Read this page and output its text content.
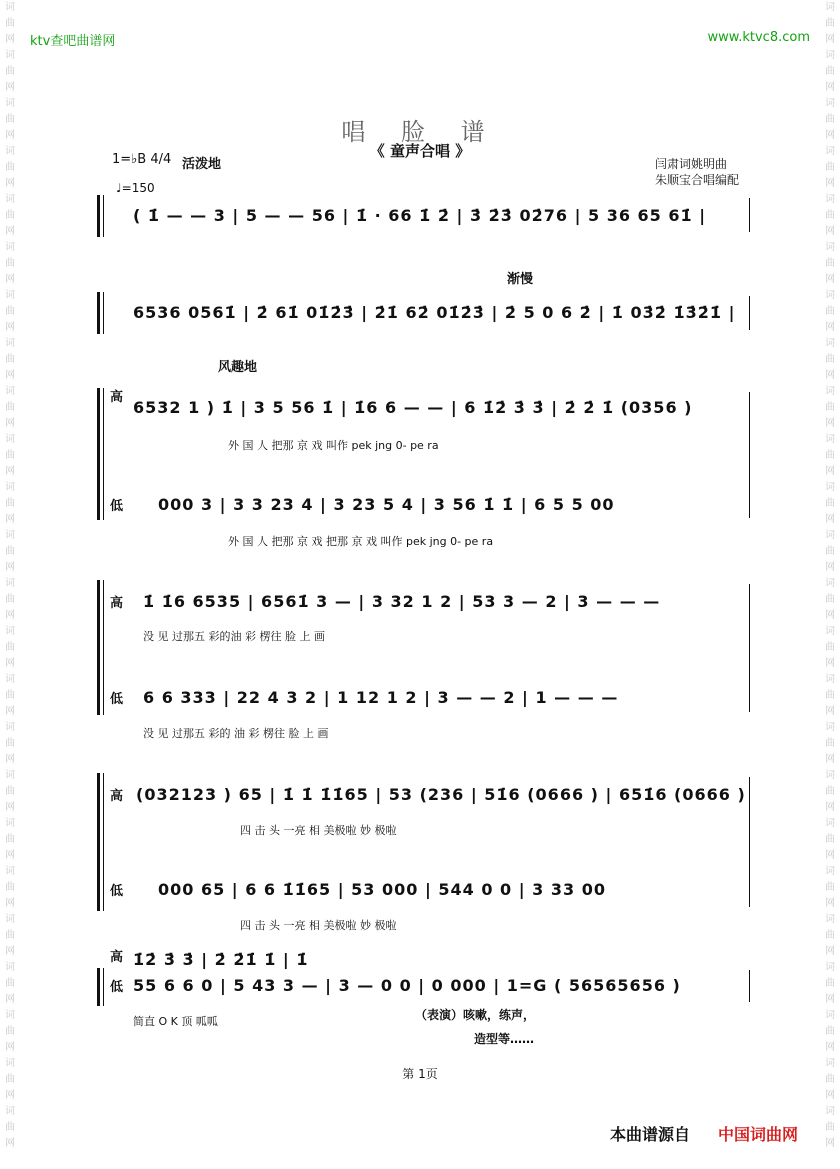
词
曲
网
词
曲
网
词
曲
网
词
曲
网
词
曲
网
词
曲
网
词
曲
网
词
曲
网
词
曲
网
词
曲
网
词
曲
网
词
曲
网
词
曲
网
词
曲
网
词
曲
网
词
曲
网
词
曲
网
词
曲
网
词
曲
网
词
曲
网
词
曲
网
词
曲
网
词
曲
网
词
曲
网
词
曲
网
词
曲
网
词
曲
网
词
曲
网
词
曲
网
词
曲
网
词
曲
网
词
曲
网
词
曲
网
词
曲
网
词
曲
网
词
曲
网
词
曲
网
词
曲
网
词
曲
网
词
曲
网
词
曲
网
词
曲
网
词
曲
网
词
曲
网
词
曲
网
词
曲
网
词
曲
网
词
曲
网
ktv查吧曲谱网	www.ktvc8.com
唱 脸 谱
《 童声合唱 》
1=♭B 4/4 活泼地
♩=150
闫肃词姚明曲
朱顺宝合唱编配
( 1̇ — — 3 | 5 — — 56 | 1̇ · 66 1̇ 2̇ | 3̇ 2̇3̇ 02̇76 | 5 36 65 61̇ |
渐慢
6536 0561̇ | 2̇ 61̇ 01̇2̇3̇ | 2̇1̇ 62̇ 01̇2̇3̇ | 2̇ 5 0 6 2̇ | 1̇ 03̇2̇ 1̇3̇2̇1̇ |
风趣地
高
6532 1 ) 1̇ | 3 5 56 1̇ | 1̇6 6 — — | 6 1̇2̇ 3̇ 3̇ | 2̇ 2̇ 1̇ (0356 )
外 国 人 把那 京 戏 叫作 pek jng 0- pe ra
低 000 3 | 3 3 23 4 | 3 23 5 4 | 3 56 1̇ 1̇ | 6 5 5 00
外 国 人 把那 京 戏 把那 京 戏 叫作 pek jng 0- pe ra
高 1̇ 1̇6 6535 | 6561̇ 3 — | 3 32 1 2 | 53 3 — 2 | 3 — — —
没 见 过那五 彩的油 彩 楞往 脸 上 画
低 6 6 333 | 22 4 3 2 | 1 12 1 2 | 3 — — 2 | 1 — — —
没 见 过那五 彩的 油 彩 楞往 脸 上 画
高 (032123 ) 65 | 1̇ 1̇ 1̇1̇65 | 53 (236 | 51̇6 (0666 ) | 651̇6 (0666 )
四 击 头 一亮 相 美极啦 妙 极啦
低 000 65 | 6 6 1̇1̇65 | 53 000 | 544 0 0 | 3 33 00
四 击 头 一亮 相 美极啦 妙 极啦
高 1̇2̇ 3̇ 3̇ | 2̇ 2̇1̇ 1̇ | 1̇
低 55 6 6 0 | 5 43 3 — | 3 — 0 0 | 0 000 | 1=G ( 56565656 )
简直 O K 顶 呱呱	（表演）咳嗽，练声，
造型等……
第 1页
本曲谱源自 中国词曲网
